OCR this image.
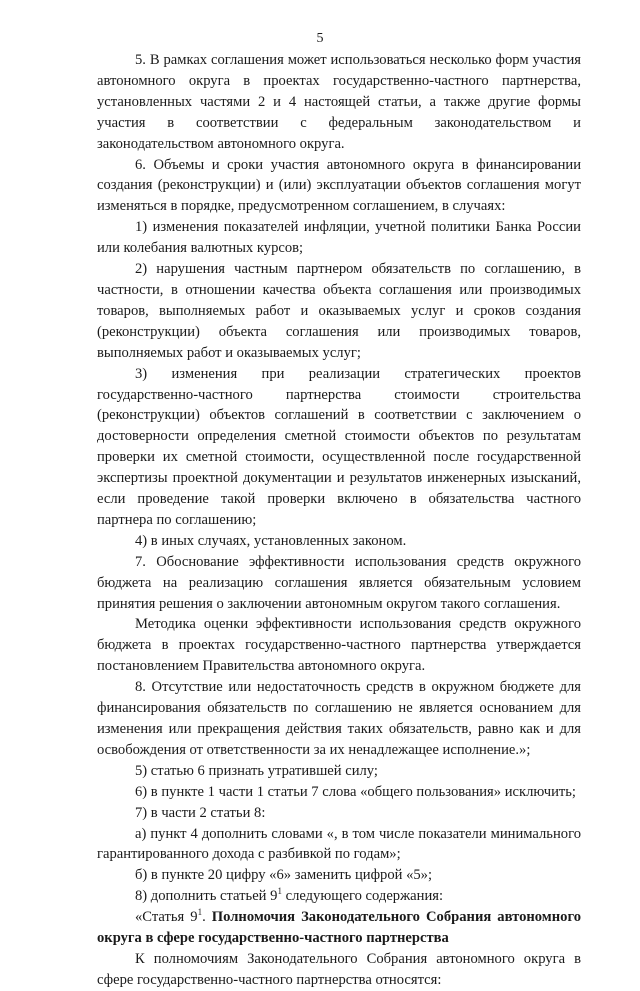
5

5. В рамках соглашения может использоваться несколько форм участия автономного округа в проектах государственно-частного партнерства, установленных частями 2 и 4 настоящей статьи, а также другие формы участия в соответствии с федеральным законодательством и законодательством автономного округа.

6. Объемы и сроки участия автономного округа в финансировании создания (реконструкции) и (или) эксплуатации объектов соглашения могут изменяться в порядке, предусмотренном соглашением, в случаях:

1) изменения показателей инфляции, учетной политики Банка России или колебания валютных курсов;

2) нарушения частным партнером обязательств по соглашению, в частности, в отношении качества объекта соглашения или производимых товаров, выполняемых работ и оказываемых услуг и сроков создания (реконструкции) объекта соглашения или производимых товаров, выполняемых работ и оказываемых услуг;

3) изменения при реализации стратегических проектов государственно-частного партнерства стоимости строительства (реконструкции) объектов соглашений в соответствии с заключением о достоверности определения сметной стоимости объектов по результатам проверки их сметной стоимости, осуществленной после государственной экспертизы проектной документации и результатов инженерных изысканий, если проведение такой проверки включено в обязательства частного партнера по соглашению;

4) в иных случаях, установленных законом.

7. Обоснование эффективности использования средств окружного бюджета на реализацию соглашения является обязательным условием принятия решения о заключении автономным округом такого соглашения.

Методика оценки эффективности использования средств окружного бюджета в проектах государственно-частного партнерства утверждается постановлением Правительства автономного округа.

8. Отсутствие или недостаточность средств в окружном бюджете для финансирования обязательств по соглашению не является основанием для изменения или прекращения действия таких обязательств, равно как и для освобождения от ответственности за их ненадлежащее исполнение.»;

5) статью 6 признать утратившей силу;

6) в пункте 1 части 1 статьи 7 слова «общего пользования» исключить;

7) в части 2 статьи 8:

а) пункт 4 дополнить словами «, в том числе показатели минимального гарантированного дохода с разбивкой по годам»;

б) в пункте 20 цифру «6» заменить цифрой «5»;

8) дополнить статьей $9^1$ следующего содержания:

«Статья $9^1$. Полномочия Законодательного Собрания автономного округа в сфере государственно-частного партнерства

К полномочиям Законодательного Собрания автономного округа в сфере государственно-частного партнерства относятся:
